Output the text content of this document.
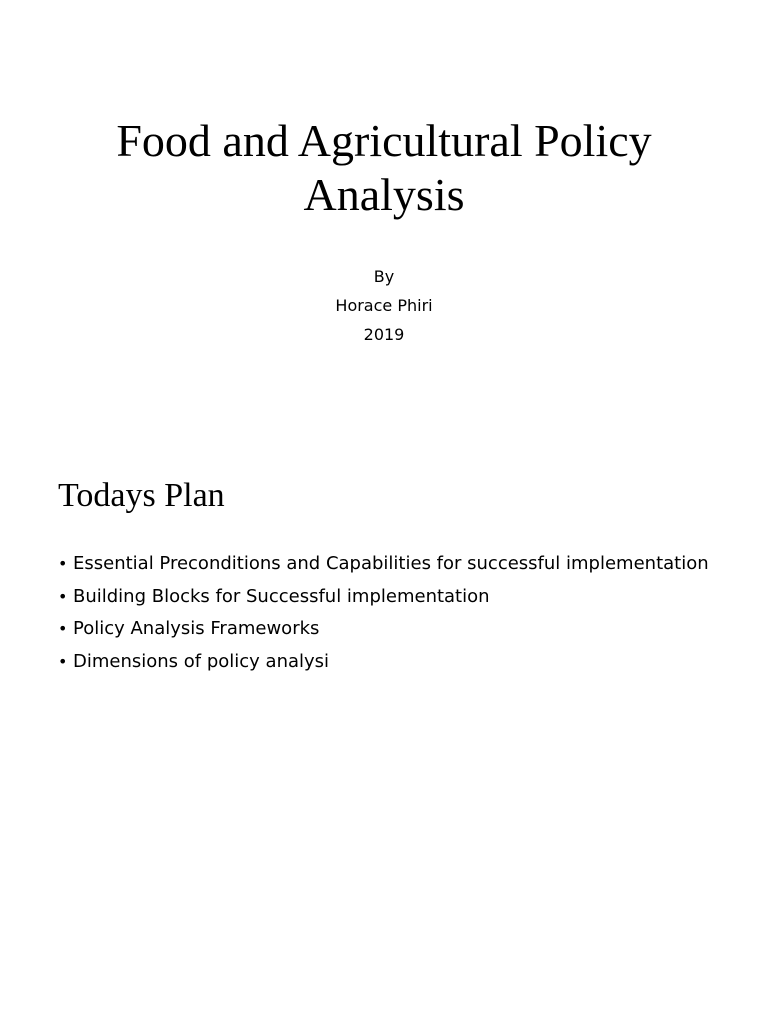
Food and Agricultural Policy
Analysis
By
Horace Phiri
2019
Todays Plan
• Essential Preconditions and Capabilities for successful implementation
• Building Blocks for Successful implementation
• Policy Analysis Frameworks
• Dimensions of policy analysi
